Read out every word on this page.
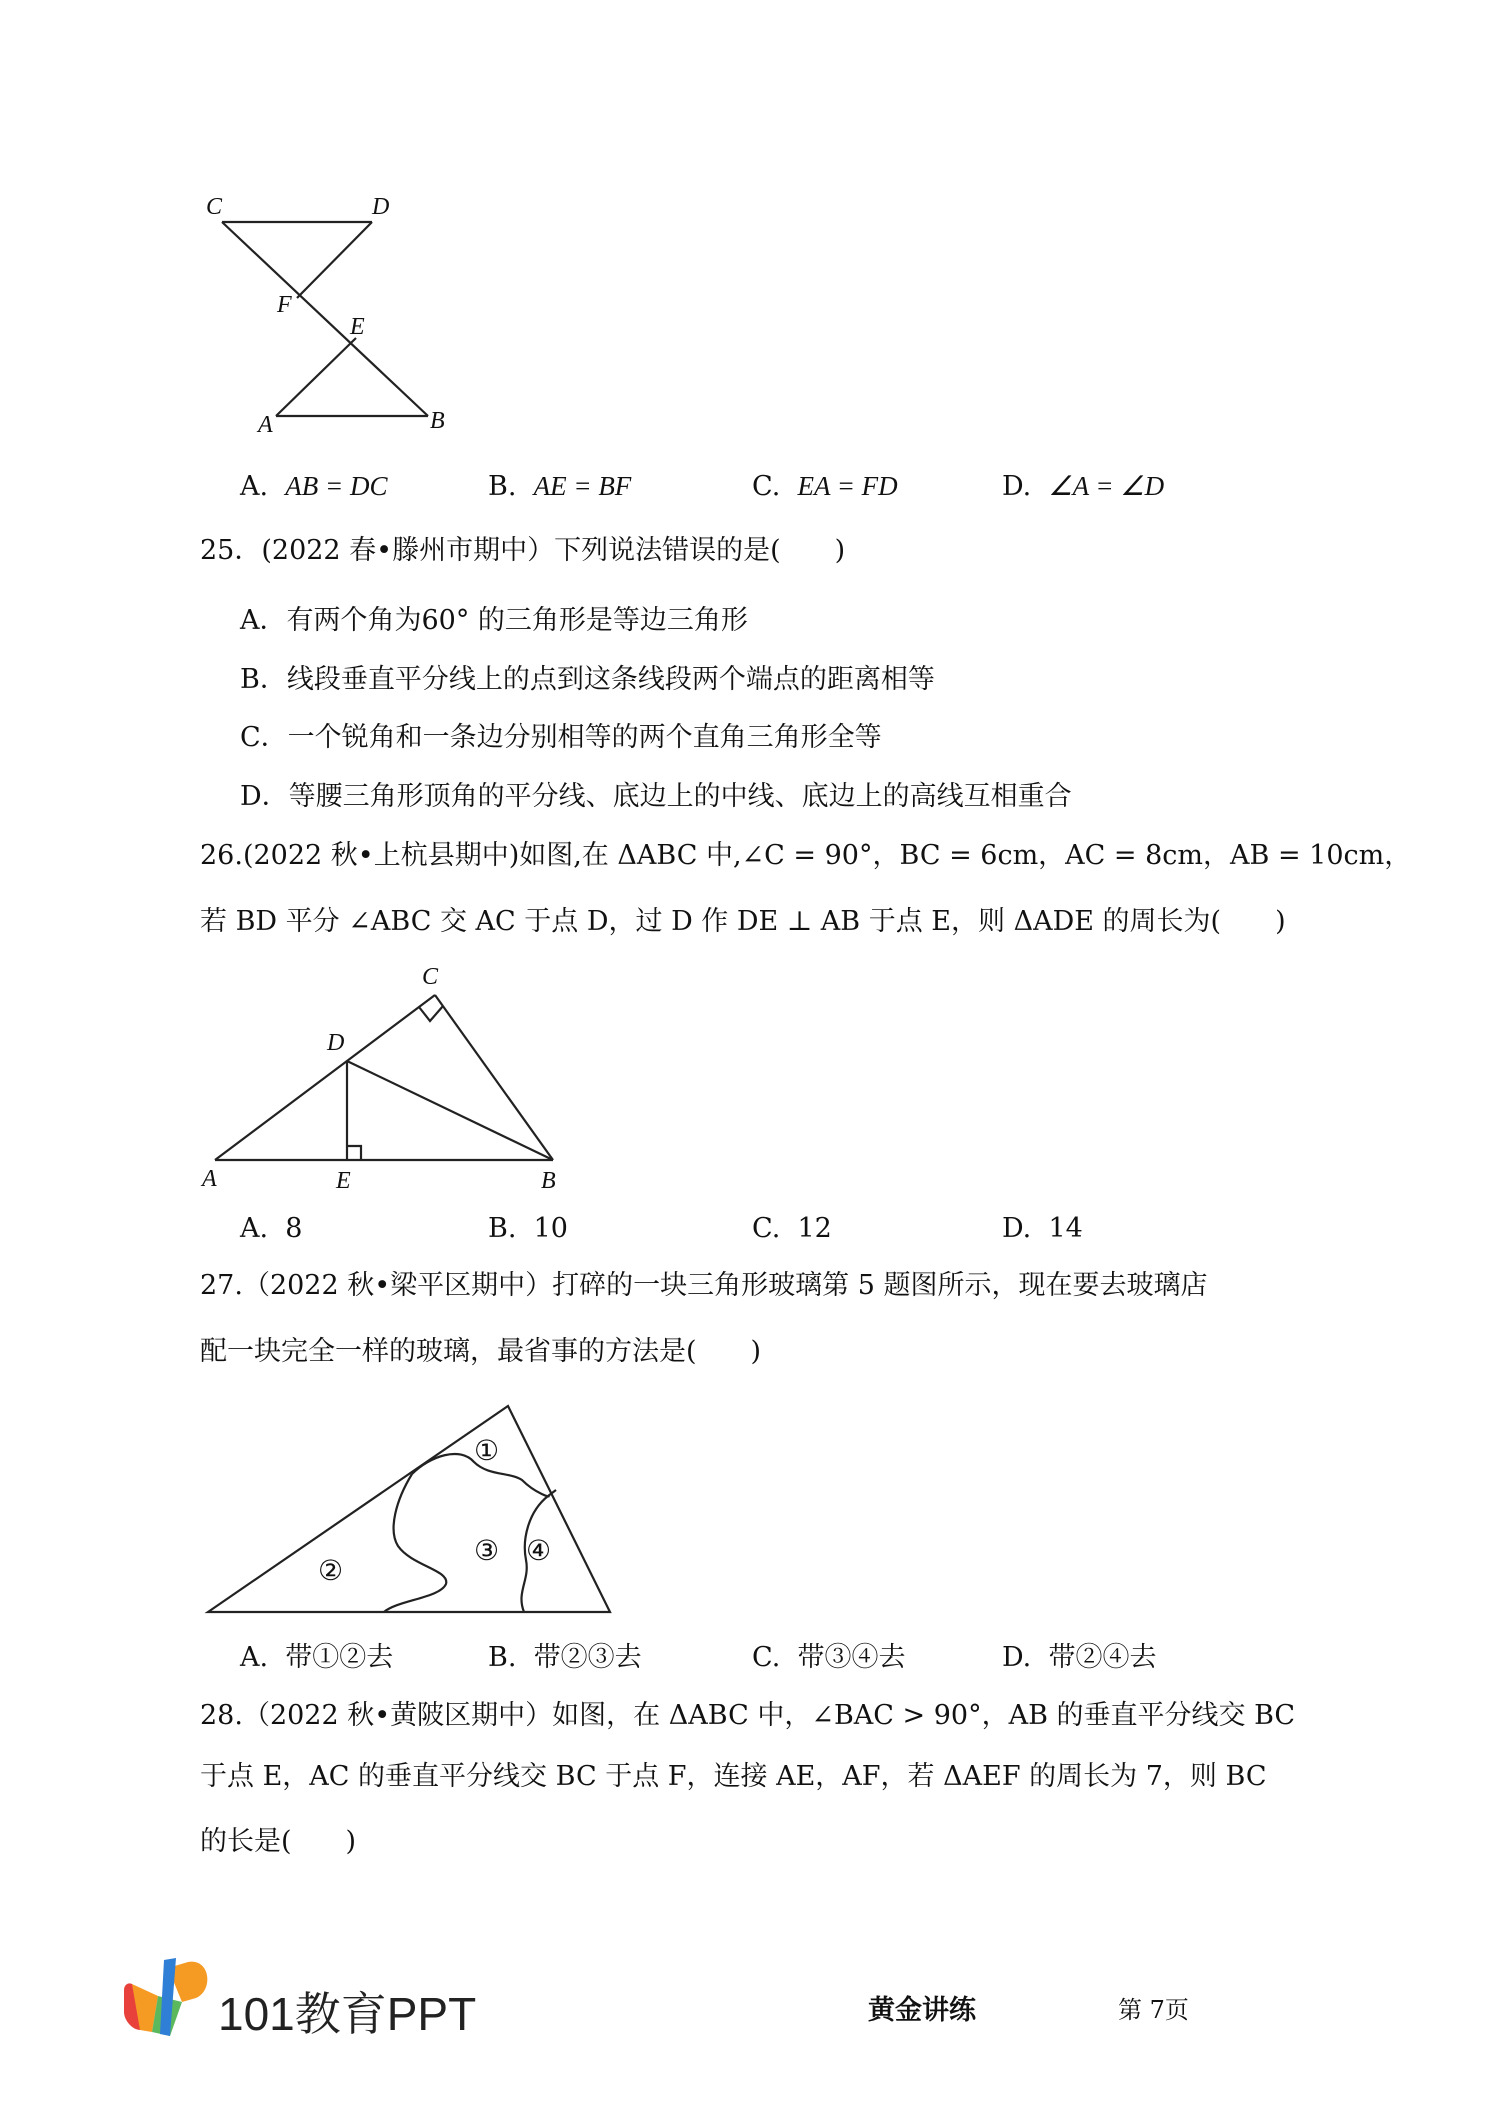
C	D
F
E
A	B
A. AB = DC	B. AE = BF	C. EA = FD	D. ∠A = ∠D
25．(2022 春•滕州市期中）下列说法错误的是(　　)
A．有两个角为60° 的三角形是等边三角形
B．线段垂直平分线上的点到这条线段两个端点的距离相等
C．一个锐角和一条边分别相等的两个直角三角形全等
D．等腰三角形顶角的平分线、底边上的中线、底边上的高线互相重合
26.(2022 秋•上杭县期中)如图,在 ΔABC 中,∠C = 90°，BC = 6cm，AC = 8cm，AB = 10cm，
若 BD 平分 ∠ABC 交 AC 于点 D，过 D 作 DE ⊥ AB 于点 E，则 ΔADE 的周长为(　　)
C
D
A	E	B
A. 8	B. 10	C. 12	D. 14
27.（2022 秋•梁平区期中）打碎的一块三角形玻璃第 5 题图所示，现在要去玻璃店
配一块完全一样的玻璃，最省事的方法是(　　)
①
②
③ ④
A. 带①②去	B. 带②③去	C. 带③④去	D. 带②④去
28.（2022 秋•黄陂区期中）如图，在 ΔABC 中，∠BAC > 90°，AB 的垂直平分线交 BC
于点 E，AC 的垂直平分线交 BC 于点 F，连接 AE，AF，若 ΔAEF 的周长为 7，则 BC
的长是(　　)
101教育PPT	黄金讲练	第 7页
